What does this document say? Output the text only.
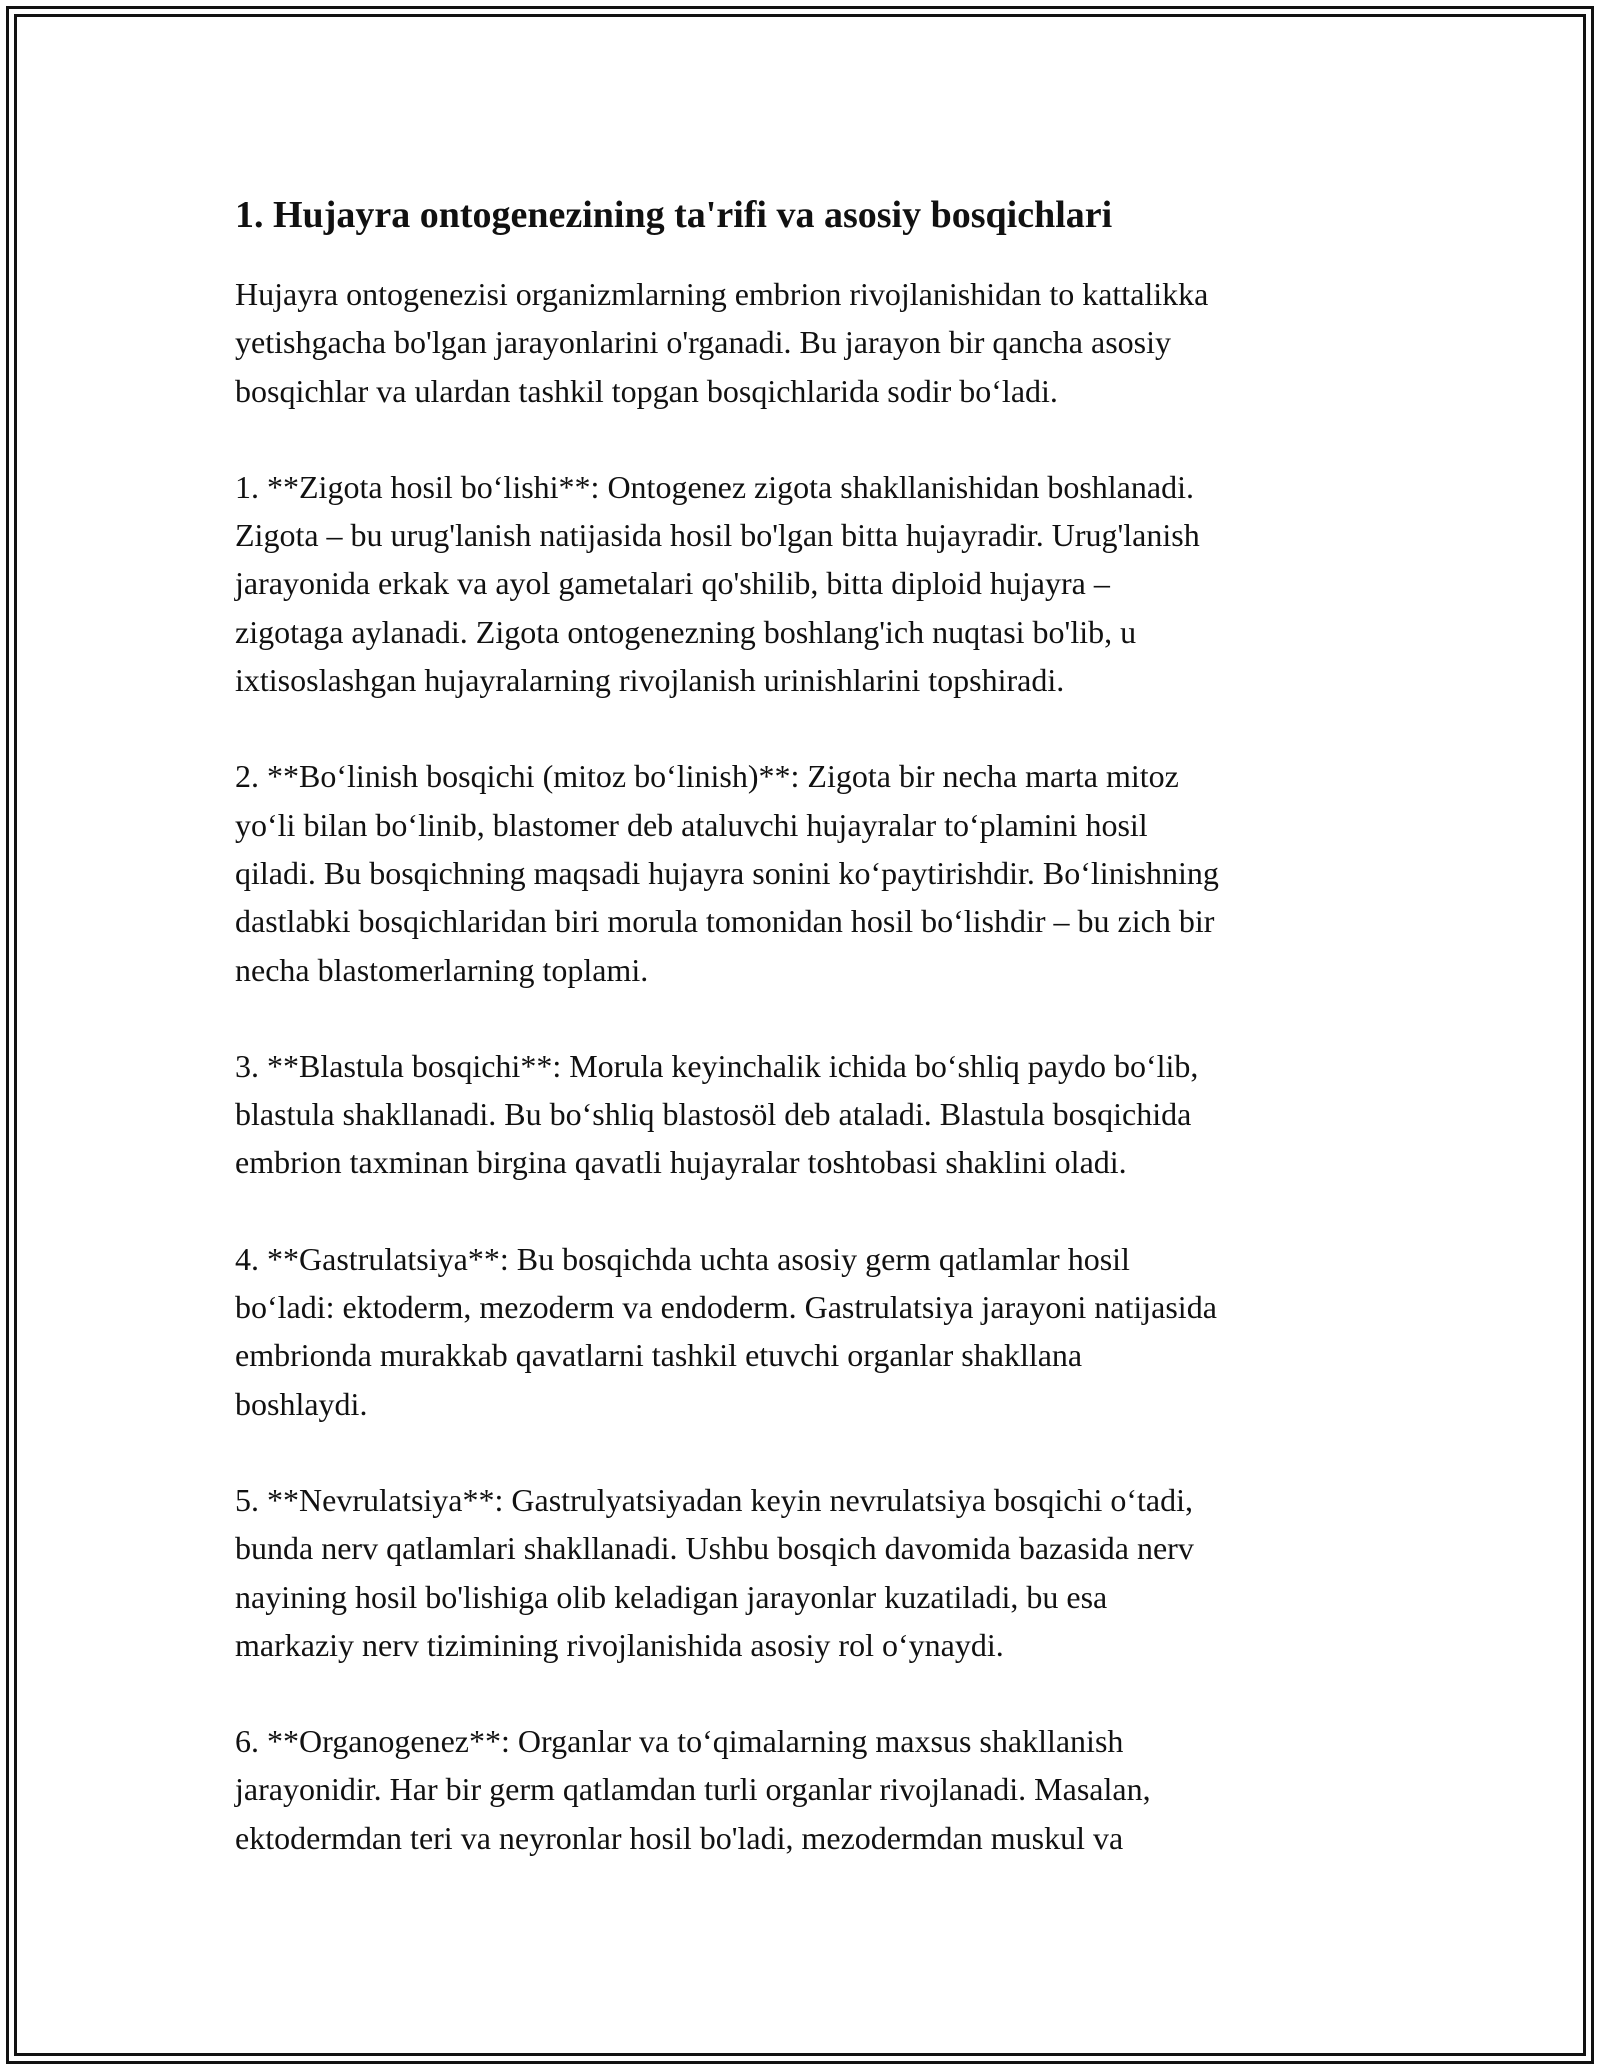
1. Hujayra ontogenezining ta'rifi va asosiy bosqichlari

Hujayra ontogenezisi organizmlarning embrion rivojlanishidan to kattalikka
yetishgacha bo'lgan jarayonlarini o'rganadi. Bu jarayon bir qancha asosiy
bosqichlar va ulardan tashkil topgan bosqichlarida sodir bo‘ladi.

1. **Zigota hosil bo‘lishi**: Ontogenez zigota shakllanishidan boshlanadi.
Zigota – bu urug'lanish natijasida hosil bo'lgan bitta hujayradir. Urug'lanish
jarayonida erkak va ayol gametalari qo'shilib, bitta diploid hujayra –
zigotaga aylanadi. Zigota ontogenezning boshlang'ich nuqtasi bo'lib, u
ixtisoslashgan hujayralarning rivojlanish urinishlarini topshiradi.

2. **Bo‘linish bosqichi (mitoz bo‘linish)**: Zigota bir necha marta mitoz
yo‘li bilan bo‘linib, blastomer deb ataluvchi hujayralar to‘plamini hosil
qiladi. Bu bosqichning maqsadi hujayra sonini ko‘paytirishdir. Bo‘linishning
dastlabki bosqichlaridan biri morula tomonidan hosil bo‘lishdir – bu zich bir
necha blastomerlarning toplami.

3. **Blastula bosqichi**: Morula keyinchalik ichida bo‘shliq paydo bo‘lib,
blastula shakllanadi. Bu bo‘shliq blastosöl deb ataladi. Blastula bosqichida
embrion taxminan birgina qavatli hujayralar toshtobasi shaklini oladi.

4. **Gastrulatsiya**: Bu bosqichda uchta asosiy germ qatlamlar hosil
bo‘ladi: ektoderm, mezoderm va endoderm. Gastrulatsiya jarayoni natijasida
embrionda murakkab qavatlarni tashkil etuvchi organlar shakllana
boshlaydi.

5. **Nevrulatsiya**: Gastrulyatsiyadan keyin nevrulatsiya bosqichi o‘tadi,
bunda nerv qatlamlari shakllanadi. Ushbu bosqich davomida bazasida nerv
nayining hosil bo'lishiga olib keladigan jarayonlar kuzatiladi, bu esa
markaziy nerv tizimining rivojlanishida asosiy rol o‘ynaydi.

6. **Organogenez**: Organlar va to‘qimalarning maxsus shakllanish
jarayonidir. Har bir germ qatlamdan turli organlar rivojlanadi. Masalan,
ektodermdan teri va neyronlar hosil bo'ladi, mezodermdan muskul va
